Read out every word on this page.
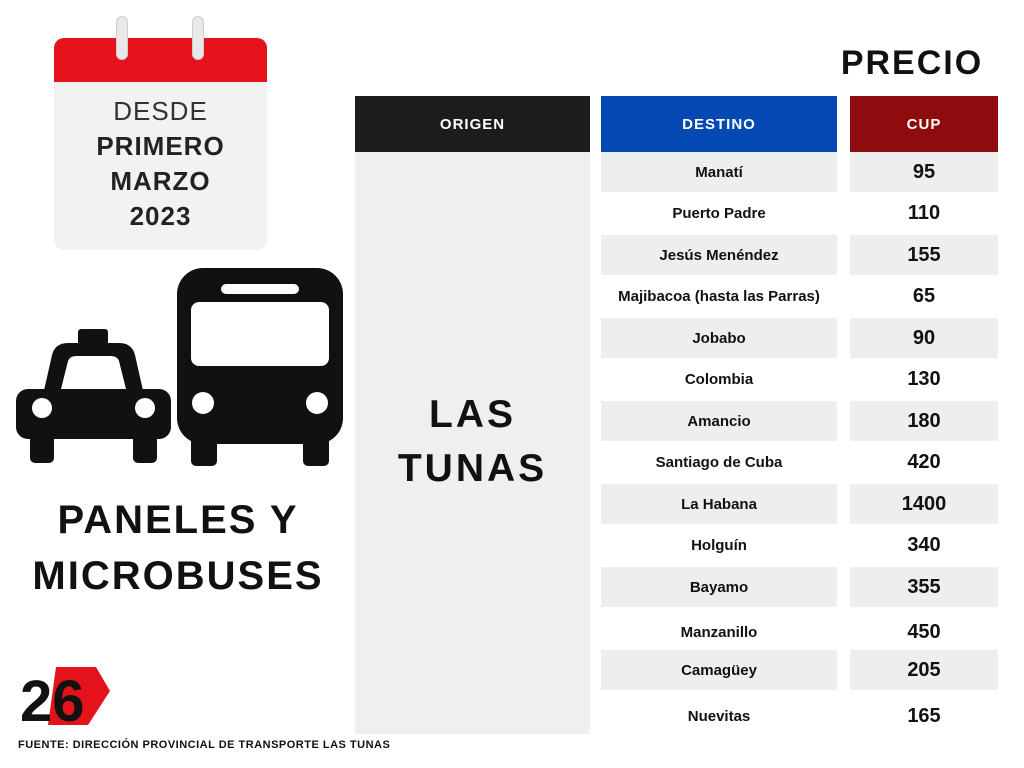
DESDE
PRIMERO
MARZO
2023
PANELES Y
MICROBUSES
26
FUENTE: DIRECCIÓN PROVINCIAL DE TRANSPORTE LAS TUNAS
PRECIO
ORIGEN	DESTINO	CUP
LAS
TUNAS
Manatí	95
Puerto Padre	110
Jesús Menéndez	155
Majibacoa (hasta las Parras)	65
Jobabo	90
Colombia	130
Amancio	180
Santiago de Cuba	420
La Habana	1400
Holguín	340
Bayamo	355
Manzanillo	450
Camagüey	205
Nuevitas	165
